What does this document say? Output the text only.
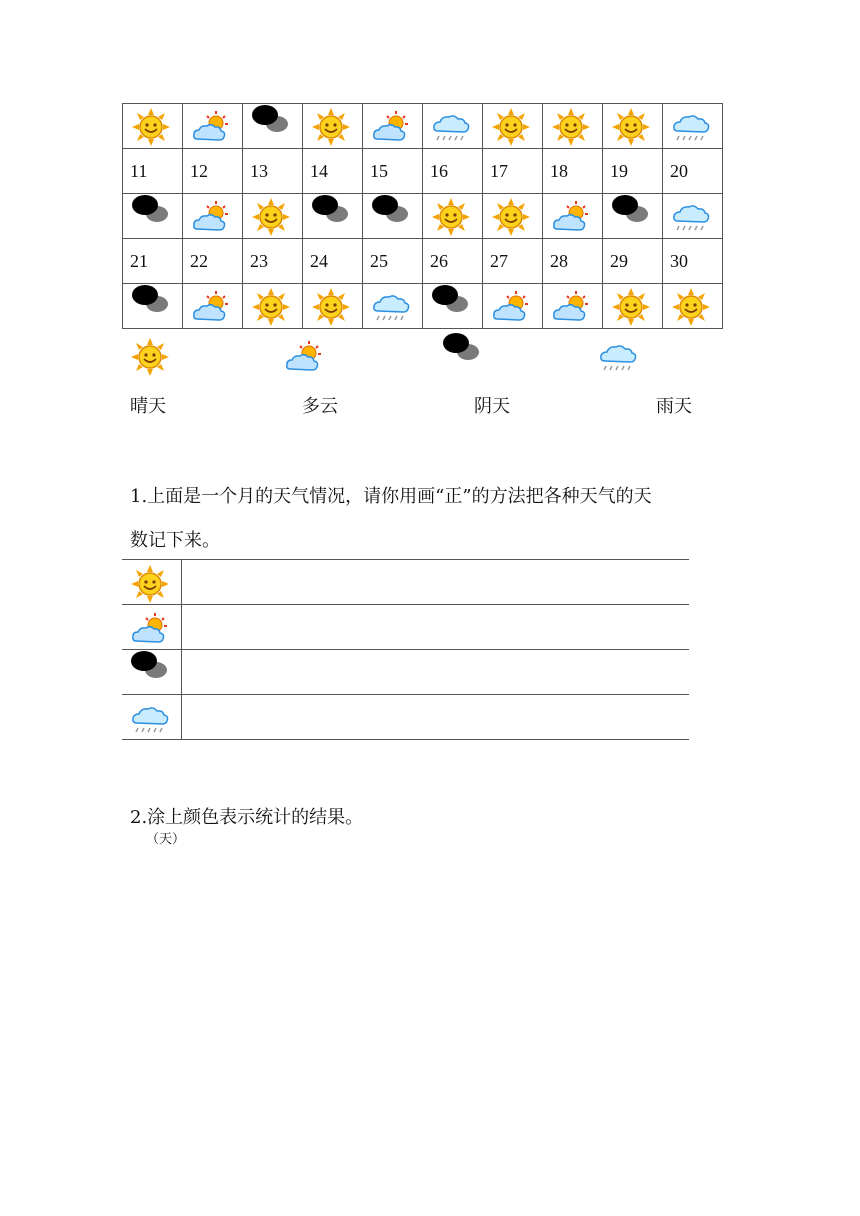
11	12	13	14	15	16	17	18	19	20

21	22	23	24	25	26	27	28	29	30

晴天	多云	阴天	雨天
1.上面是一个月的天气情况，请你用画“正”的方法把各种天气的天
数记下来。

2.涂上颜色表示统计的结果。
（天）
